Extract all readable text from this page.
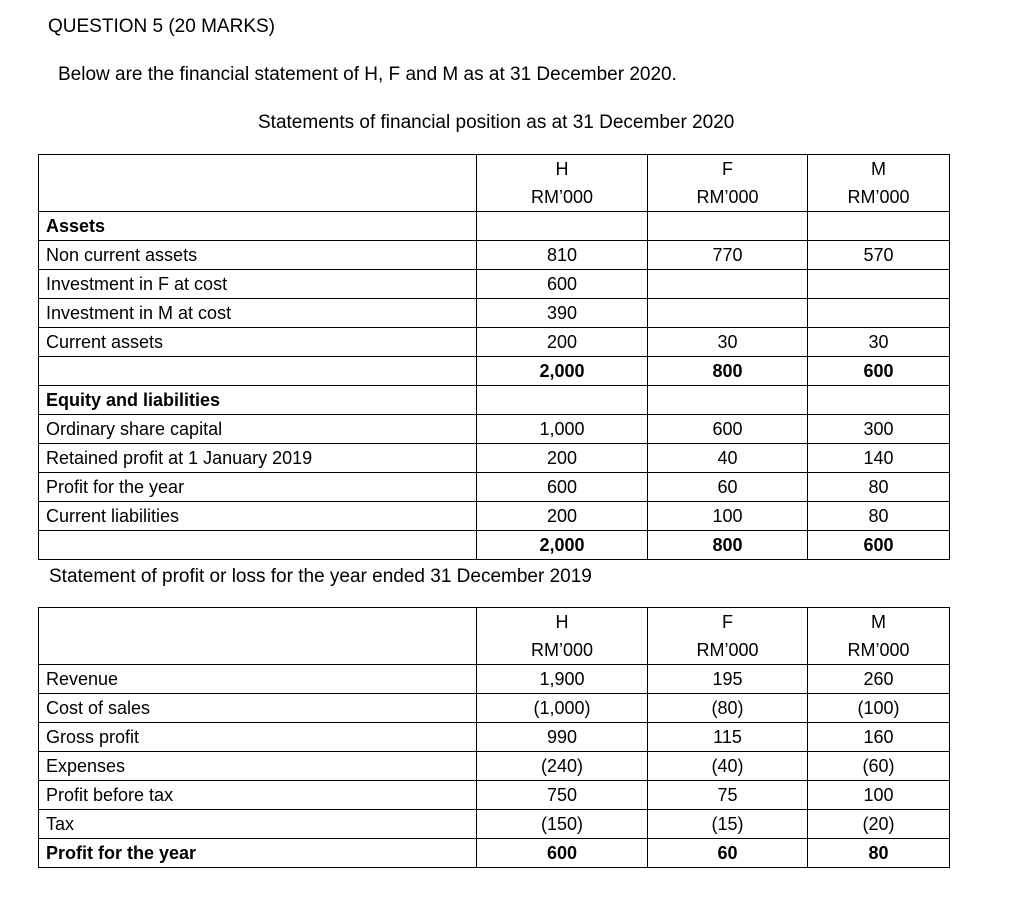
QUESTION 5 (20 MARKS)
Below are the financial statement of H, F and M as at 31 December 2020.
Statements of financial position as at 31 December 2020
	H	F	M
	RM’000	RM’000	RM’000
Assets			
Non current assets	810	770	570
Investment in F at cost	600		
Investment in M at cost	390		
Current assets	200	30	30
	2,000	800	600
Equity and liabilities			
Ordinary share capital	1,000	600	300
Retained profit at 1 January 2019	200	40	140
Profit for the year	600	60	80
Current liabilities	200	100	80
	2,000	800	600
Statement of profit or loss for the year ended 31 December 2019
	H	F	M
	RM’000	RM’000	RM’000
Revenue	1,900	195	260
Cost of sales	(1,000)	(80)	(100)
Gross profit	990	115	160
Expenses	(240)	(40)	(60)
Profit before tax	750	75	100
Tax	(150)	(15)	(20)
Profit for the year	600	60	80
